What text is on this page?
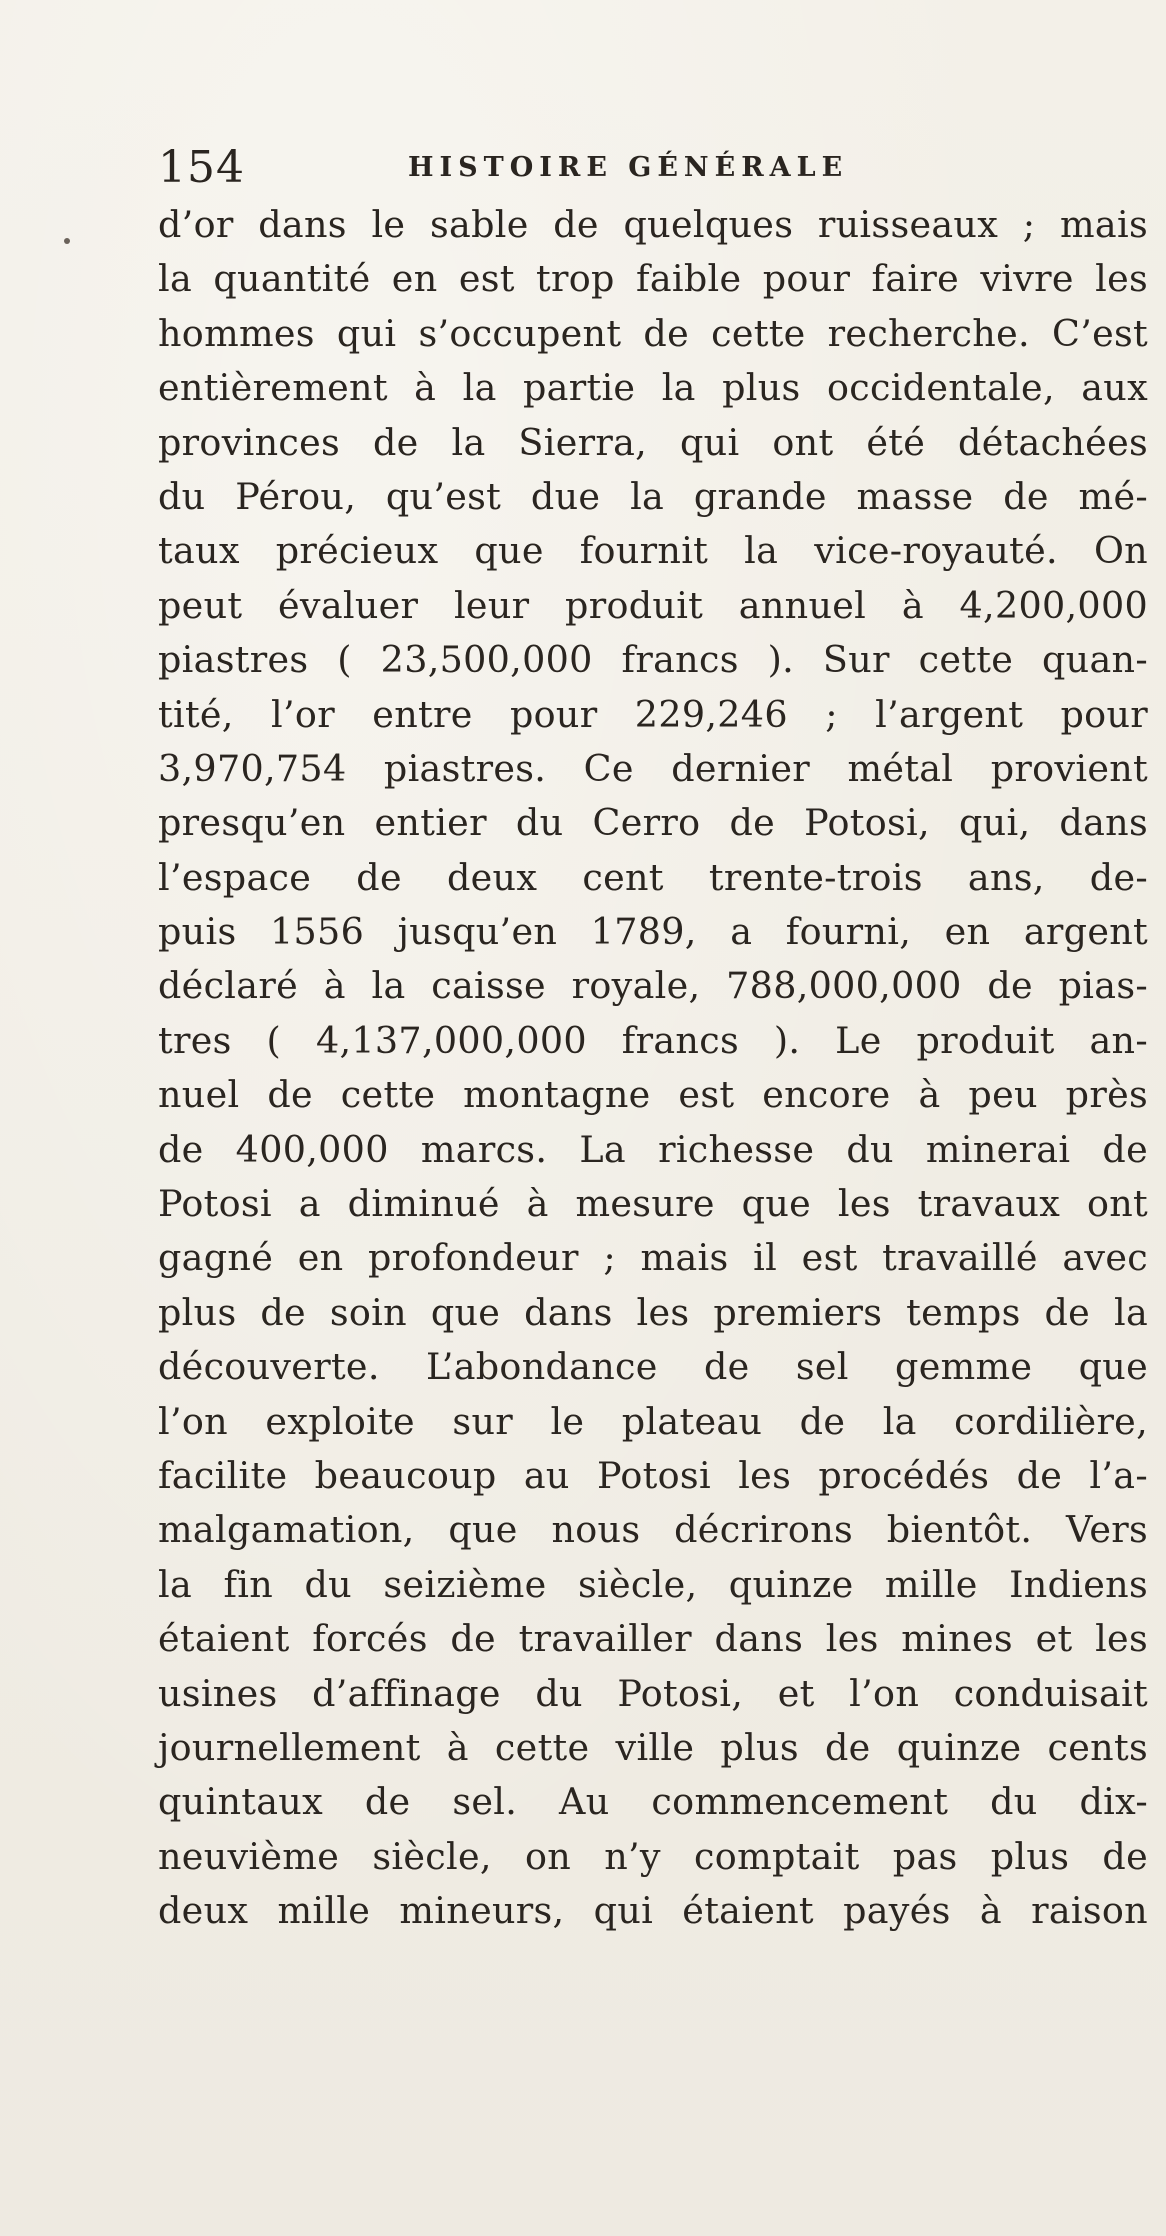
154	HISTOIRE GÉNÉRALE
d’or dans le sable de quelques ruisseaux ; mais
la quantité en est trop faible pour faire vivre les
hommes qui s’occupent de cette recherche. C’est
entièrement à la partie la plus occidentale, aux
provinces de la Sierra, qui ont été détachées
du Pérou, qu’est due la grande masse de mé-
taux précieux que fournit la vice-royauté. On
peut évaluer leur produit annuel à 4,200,000
piastres ( 23,500,000 francs ). Sur cette quan-
tité, l’or entre pour 229,246 ; l’argent pour
3,970,754 piastres. Ce dernier métal provient
presqu’en entier du Cerro de Potosi, qui, dans
l’espace de deux cent trente-trois ans, de-
puis 1556 jusqu’en 1789, a fourni, en argent
déclaré à la caisse royale, 788,000,000 de pias-
tres ( 4,137,000,000 francs ). Le produit an-
nuel de cette montagne est encore à peu près
de 400,000 marcs. La richesse du minerai de
Potosi a diminué à mesure que les travaux ont
gagné en profondeur ; mais il est travaillé avec
plus de soin que dans les premiers temps de la
découverte. L’abondance de sel gemme que
l’on exploite sur le plateau de la cordilière,
facilite beaucoup au Potosi les procédés de l’a-
malgamation, que nous décrirons bientôt. Vers
la fin du seizième siècle, quinze mille Indiens
étaient forcés de travailler dans les mines et les
usines d’affinage du Potosi, et l’on conduisait
journellement à cette ville plus de quinze cents
quintaux de sel. Au commencement du dix-
neuvième siècle, on n’y comptait pas plus de
deux mille mineurs, qui étaient payés à raison
